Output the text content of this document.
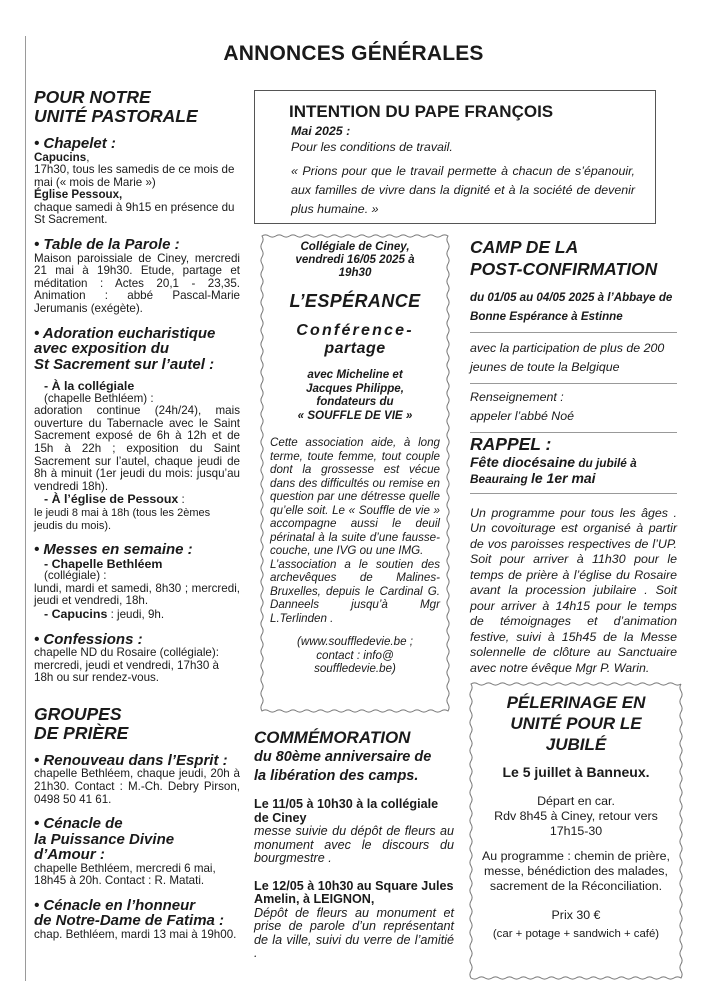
ANNONCES GÉNÉRALES
POUR NOTRE
UNITÉ PASTORALE
• Chapelet :
Capucins,
17h30, tous les samedis de ce mois de mai (« mois de Marie »)
Église Pessoux,
chaque samedi à 9h15 en présence du St Sacrement.
• Table de la Parole :
Maison paroissiale de Ciney, mercredi 21 mai à 19h30. Etude, partage et méditation : Actes 20,1 - 23,35. Animation : abbé Pascal-Marie Jerumanis (exégète).
• Adoration eucharistique
avec exposition du
St Sacrement sur l’autel :
- À la collégiale
(chapelle Bethléem) :
adoration continue (24h/24), mais ouverture du Tabernacle avec le Saint Sacrement exposé de 6h à 12h et de 15h à 22h ; exposition du Saint Sacrement sur l’autel, chaque jeudi de 8h à minuit (1er jeudi du mois: jusqu’au vendredi 18h).
- À l’église de Pessoux :
le jeudi 8 mai à 18h (tous les 2èmes jeudis du mois).
• Messes en semaine :
- Chapelle Bethléem
(collégiale) :
lundi, mardi et samedi, 8h30 ; mercredi, jeudi et vendredi, 18h.
- Capucins : jeudi, 9h.
• Confessions :
chapelle ND du Rosaire (collégiale): mercredi, jeudi et vendredi, 17h30 à 18h ou sur rendez-vous.
GROUPES
DE PRIÈRE
• Renouveau dans l’Esprit :
chapelle Bethléem, chaque jeudi, 20h à 21h30. Contact : M.-Ch. Debry Pirson, 0498 50 41 61.
• Cénacle de
la Puissance Divine
d’Amour :
chapelle Bethléem, mercredi 6 mai, 18h45 à 20h. Contact : R. Matati.
• Cénacle en l’honneur
de Notre-Dame de Fatima :
chap. Bethléem, mardi 13 mai à 19h00.
INTENTION DU PAPE FRANÇOIS
Mai 2025 :
Pour les conditions de travail.
« Prions pour que le travail permette à chacun de s’épanouir, aux familles de vivre dans la dignité et à la société de devenir plus humaine. »
Collégiale de Ciney,
vendredi 16/05 2025 à
19h30
L’ESPÉRANCE
Conférence-
partage
avec Micheline et
Jacques Philippe,
fondateurs du
« SOUFFLE DE VIE »
Cette association aide, à long terme, toute femme, tout couple dont la grossesse est vécue dans des difficultés ou remise en question par une détresse quelle qu’elle soit. Le « Souffle de vie » accompagne aussi le deuil périnatal à la suite d’une fausse-couche, une IVG ou une IMG.
L’association a le soutien des archevêques de Malines-Bruxelles, depuis le Cardinal G. Danneels jusqu’à Mgr L.Terlinden .
(www.souffledevie.be ;
contact : info@
souffledevie.be)
COMMÉMORATION
du 80ème anniversaire de
la libération des camps.
Le 11/05 à 10h30 à la collégiale de Ciney
messe suivie du dépôt de fleurs au monument avec le discours du bourgmestre .
Le 12/05 à 10h30 au Square Jules Amelin, à LEIGNON,
Dépôt de fleurs au monument et prise de parole d’un représentant de la ville, suivi du verre de l’amitié .
CAMP DE LA
POST-CONFIRMATION
du 01/05 au 04/05 2025 à l’Abbaye de Bonne Espérance à Estinne
avec la participation de plus de 200 jeunes de toute la Belgique
Renseignement :
appeler l’abbé Noé
RAPPEL :
Fête diocésaine du jubilé à Beauraing le 1er mai
Un programme pour tous les âges . Un covoiturage est organisé à partir de vos paroisses respectives de l’UP. Soit pour arriver à 11h30 pour le temps de prière à l’église du Rosaire avant la procession jubilaire . Soit pour arriver à 14h15 pour le temps de témoignages et d’animation festive, suivi à 15h45 de la Messe solennelle de clôture au Sanctuaire avec notre évêque Mgr P. Warin.
PÉLERINAGE EN
UNITÉ POUR LE
JUBILÉ
Le 5 juillet à Banneux.
Départ en car.
Rdv 8h45 à Ciney, retour vers
17h15-30
Au programme : chemin de prière, messe, bénédiction des malades, sacrement de la Réconciliation.
Prix 30 €
(car + potage + sandwich + café)
